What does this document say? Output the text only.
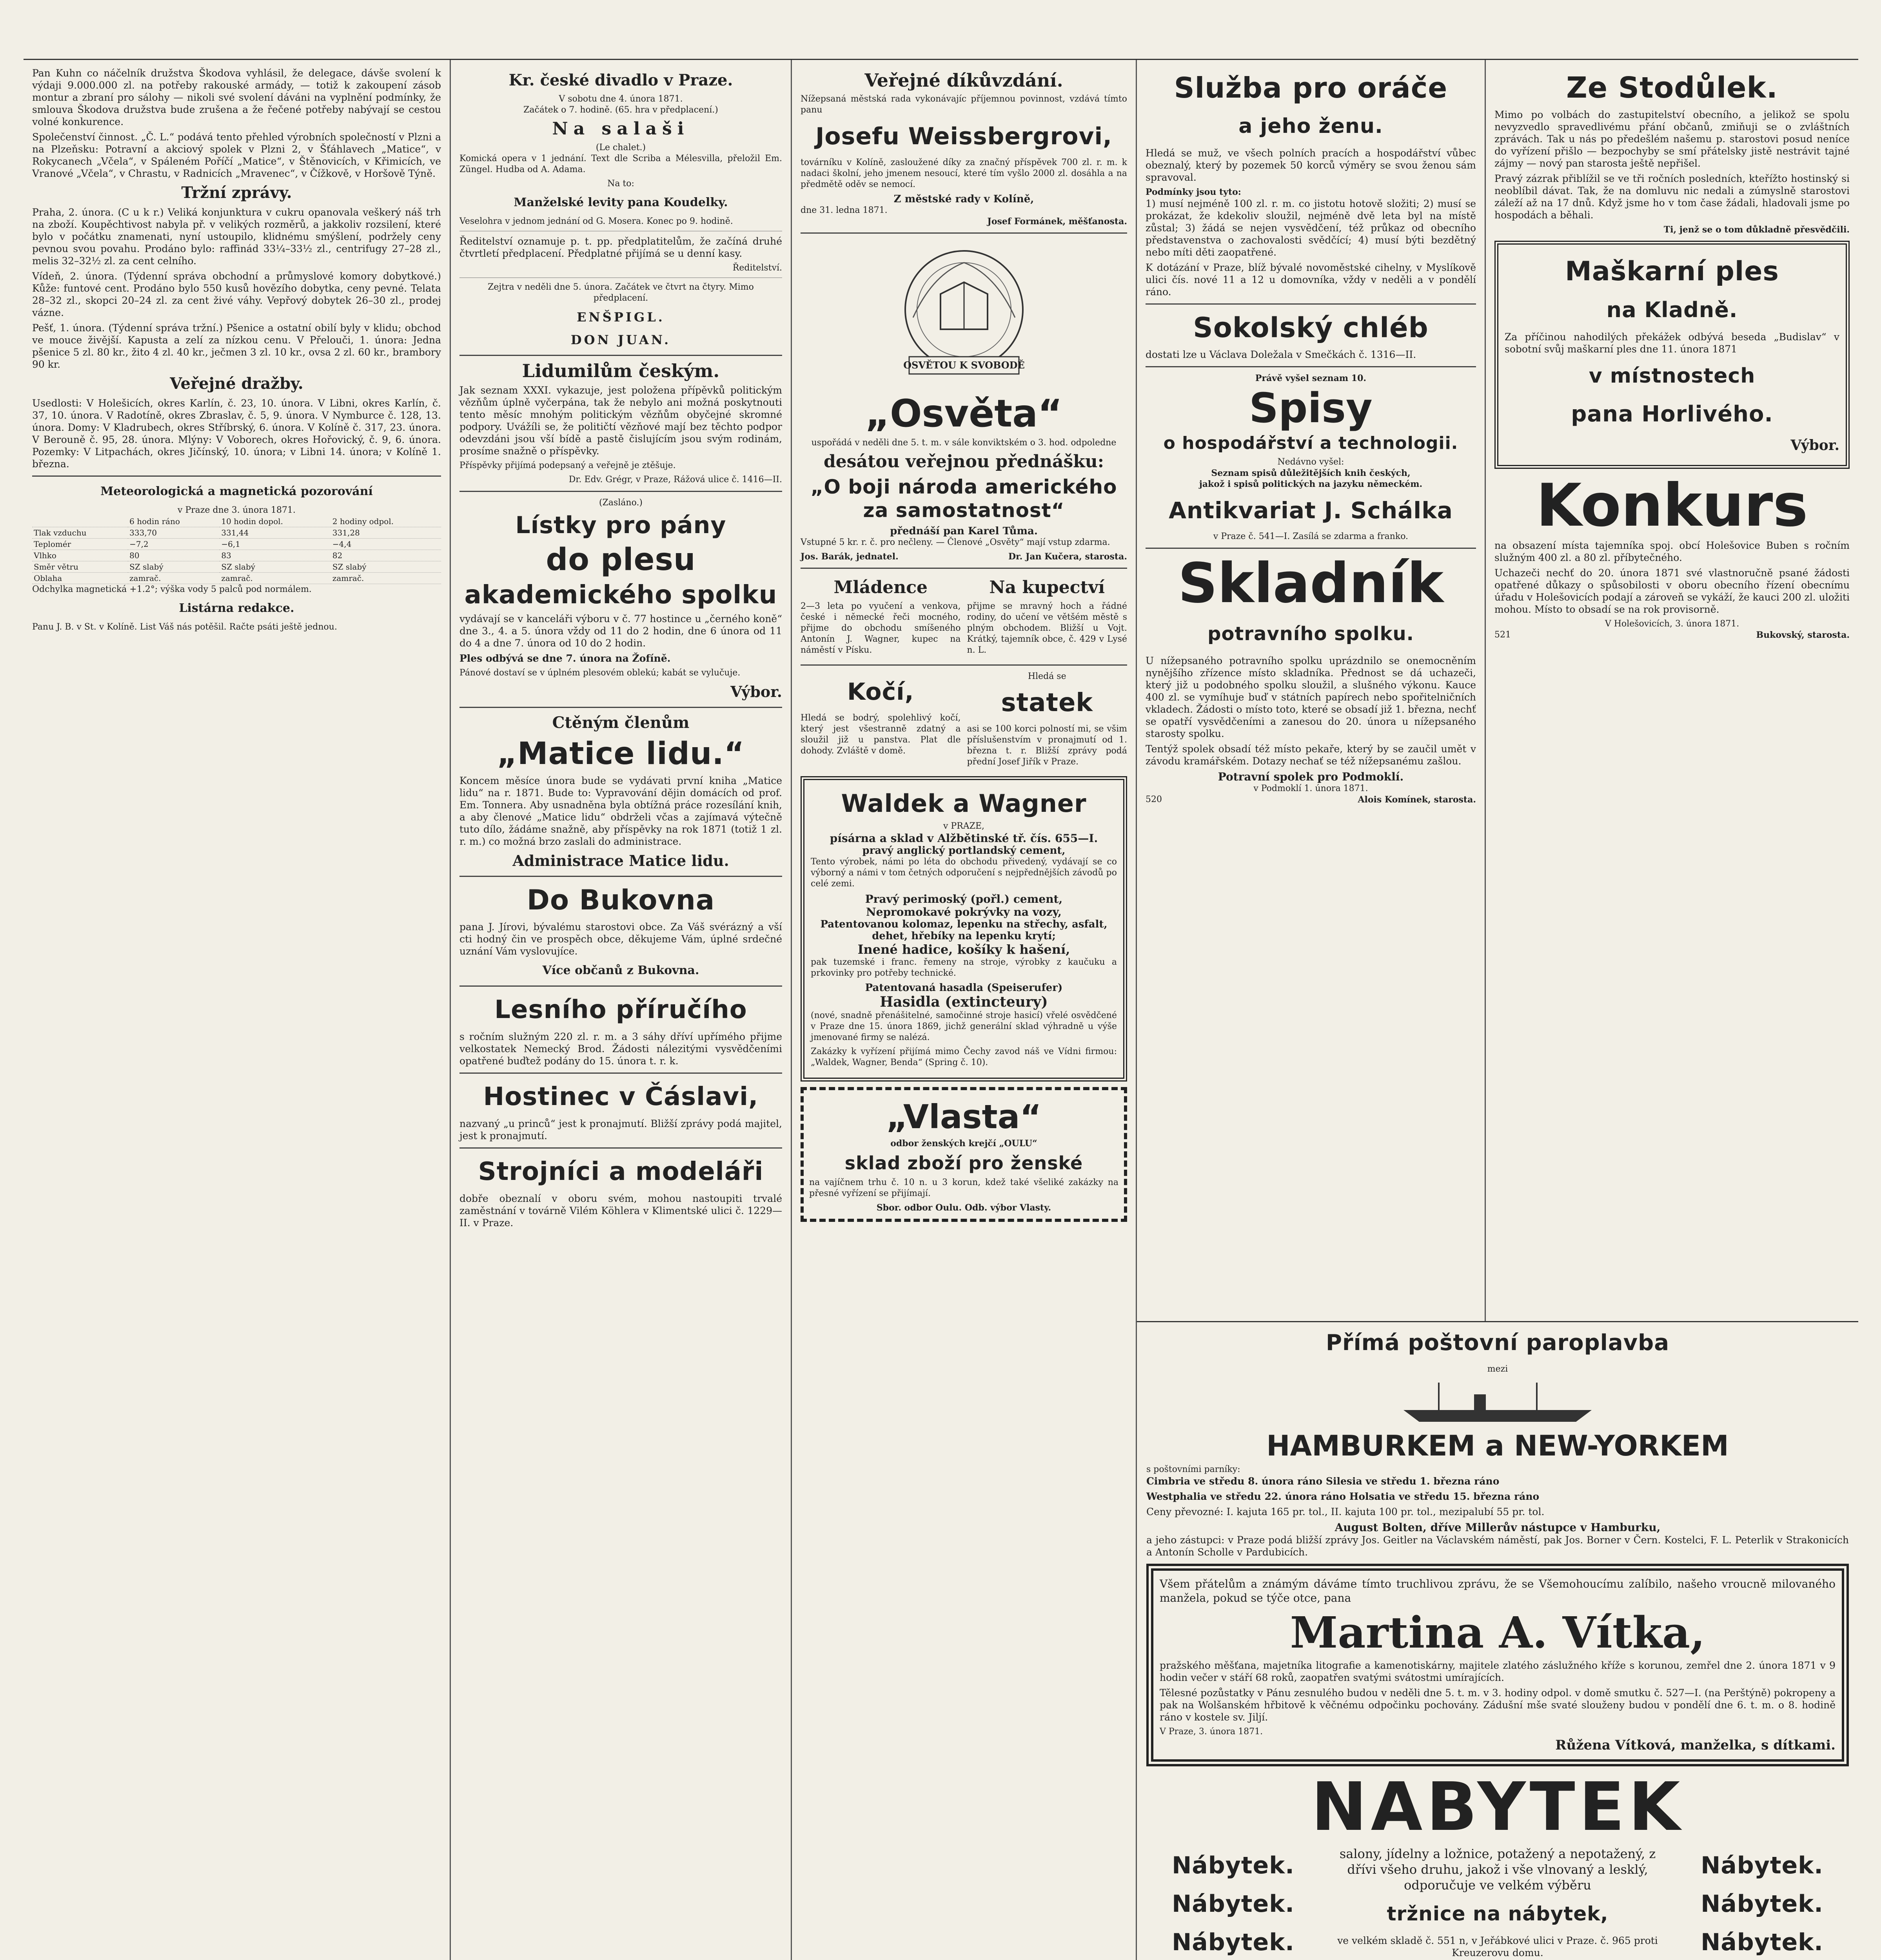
Pan Kuhn co náčelník družstva Škodova vyhlásil, že delegace, dávše svolení k výdaji 9.000.000 zl. na potřeby rakouské armády, — totiž k zakoupení zásob montur a zbraní pro sálohy — nikoli své svolení dáváni na vyplnění podmínky, že smlouva Škodova družstva bude zrušena a že řečené potřeby nabývají se cestou volné konkurence.

Společenství činnost. „Č. L.“ podává tento přehled výrobních společností v Plzni a na Plzeňsku: Potravní a akciový spolek v Plzni 2, v Šťáhlavech „Matice“, v Rokycanech „Včela“, v Spáleném Poříčí „Matice“, v Štěnovicích, v Křimicích, ve Vranové „Včela“, v Chrastu, v Radnicích „Mravenec“, v Čížkově, v Horšově Týně.

Tržní zprávy.

Praha, 2. února. (C u k r.) Veliká konjunktura v cukru opanovala veškerý náš trh na zboží. Koupěchtivost nabyla př. v velikých rozměrů, a jakkoliv rozsilení, které bylo v počátku znamenati, nyní ustoupilo, klidnému smýšlení, podržely ceny pevnou svou povahu. Prodáno bylo: raffinád 33¼–33½ zl., centrifugy 27–28 zl., melis 32–32½ zl. za cent celního.

Vídeň, 2. února. (Týdenní správa obchodní a průmyslové komory dobytkové.) Kůže: funtové cent. Prodáno bylo 550 kusů hovězího dobytka, ceny pevné. Telata 28–32 zl., skopci 20–24 zl. za cent živé váhy. Vepřový dobytek 26–30 zl., prodej vázne.

Pešť, 1. února. (Týdenní správa tržní.) Pšenice a ostatní obilí byly v klidu; obchod ve mouce živější. Kapusta a zelí za nízkou cenu. V Přelouči, 1. února: Jedna pšenice 5 zl. 80 kr., žito 4 zl. 40 kr., ječmen 3 zl. 10 kr., ovsa 2 zl. 60 kr., brambory 90 kr.

Veřejné dražby.

Usedlosti: V Holešicích, okres Karlín, č. 23, 10. února. V Libni, okres Karlín, č. 37, 10. února. V Radotíně, okres Zbraslav, č. 5, 9. února. V Nymburce č. 128, 13. února. Domy: V Kladrubech, okres Stříbrský, 6. února. V Kolíně č. 317, 23. února. V Berouně č. 95, 28. února. Mlýny: V Voborech, okres Hořovický, č. 9, 6. února. Pozemky: V Litpachách, okres Jičínský, 10. února; v Libni 14. února; v Kolíně 1. března.

Meteorologická a magnetická pozorování
v Praze dne 3. února 1871.
	6 hodin ráno	10 hodin dopol.	2 hodiny odpol.
Tlak vzduchu	333,70	331,44	331,28
Teplomér	−7,2	−6,1	−4,4
Vlhko	80	83	82
Směr větru	SZ slabý	SZ slabý	SZ slabý
Oblaha	zamrač.	zamrač.	zamrač.

Odchylka magnetická +1.2°; výška vody 5 palců pod normálem.

Listárna redakce.

Panu J. B. v St. v Kolíně. List Váš nás potěšil. Račte psáti ještě jednou.

Kr. české divadlo v Praze.
V sobotu dne 4. února 1871.
Začátek o 7. hodině. (65. hra v předplacení.)
Na salaši
(Le chalet.)

Komická opera v 1 jednání. Text dle Scriba a Mélesvilla, přeložil Em. Züngel. Hudba od A. Adama.

Na to:
Manželské levity pana Koudelky.

Veselohra v jednom jednání od G. Mosera. Konec po 9. hodině.

Ředitelství oznamuje p. t. pp. předplatitelům, že začíná druhé čtvrtletí předplacení. Předplatné přijímá se u denní kasy.

Ředitelství.
Zejtra v neděli dne 5. února. Začátek ve čtvrt na čtyry. Mimo předplacení.
ENŠPIGL.
DON JUAN.
Lidumilům českým.

Jak seznam XXXI. vykazuje, jest položena přípěvků politickým vězňům úplně vyčerpána, tak že nebylo ani možná poskytnouti tento měsíc mnohým politickým vězňům obyčejné skromné podpory. Uvážíli se, že političtí vězňové mají bez těchto podpor odevzdáni jsou vší bídě a pastě čislujícím jsou svým rodinám, prosíme snažně o příspěvky.

Příspěvky přijímá podepsaný a veřejně je ztěšuje.

Dr. Edv. Grégr, v Praze, Rážová ulice č. 1416—II.
(Zasláno.)
Lístky pro pány
do plesu
akademického spolku

vydávají se v kanceláři výboru v č. 77 hostince u „černého koně“ dne 3., 4. a 5. února vždy od 11 do 2 hodin, dne 6 února od 11 do 4 a dne 7. února od 10 do 2 hodin.

Ples odbývá se dne 7. února na Žofíně.

Pánové dostaví se v úplném plesovém oblekú; kabát se vylučuje.

Výbor.
Ctěným členům
„Matice lidu.“

Koncem měsíce února bude se vydávati první kniha „Matice lidu“ na r. 1871. Bude to: Vypravování dějin domácích od prof. Em. Tonnera. Aby usnadněna byla obtížná práce rozesílání knih, a aby členové „Matice lidu“ obdrželi včas a zajímavá výtečně tuto dílo, žádáme snažně, aby příspěvky na rok 1871 (totiž 1 zl. r. m.) co možná brzo zaslali do administrace.

Administrace Matice lidu.
Do Bukovna

pana J. Jírovi, bývalému starostovi obce. Za Váš svérázný a vší cti hodný čin ve prospěch obce, děkujeme Vám, úplné srdečné uznání Vám vyslovujíce.

Více občanů z Bukovna.
Lesního příručího

s ročním služným 220 zl. r. m. a 3 sáhy dříví upřímého přijme velkostatek Nemecký Brod. Žádosti nálezitými vysvědčeními opatřené buďtež podány do 15. února t. r. k.

Hostinec v Čáslavi,

nazvaný „u princů“ jest k pronajmutí. Bližší zprávy podá majitel, jest k pronajmutí.

Strojníci a modeláři

dobře obeznalí v oboru svém, mohou nastoupiti trvalé zaměstnání v továrně Vilém Köhlera v Klimentské ulici č. 1229—II. v Praze.

Veřejné díkůvzdání.

Nížepsaná městská rada vykonávajíc příjemnou povinnost, vzdává tímto panu

Josefu Weissbergrovi,

továrníku v Kolíně, zasloužené díky za značný příspěvek 700 zl. r. m. k nadaci školní, jeho jmenem nesoucí, které tím vyšlo 2000 zl. dosáhla a na předmětě oděv se nemocí.

Z městské rady v Kolíně,
dne 31. ledna 1871.
Josef Formánek, měšťanosta.
OSVĚTOU K SVOBODĚ
„Osvěta“

uspořádá v neděli dne 5. t. m. v sále konviktském o 3. hod. odpoledne

desátou veřejnou přednášku:
„O boji národa amerického za samostatnost“
přednáší pan Karel Tůma.

Vstupné 5 kr. r. č. pro nečleny. — Členové „Osvěty“ mají vstup zdarma.

Jos. Barák, jednatel.	Dr. Jan Kučera, starosta.
Mládence

2—3 leta po vyučení a venkova, české i německé řeči mocného, přijme do obchodu smíšeného Antonín J. Wagner, kupec na náměstí v Písku.

Na kupectví

přijme se mravný hoch a řádné rodiny, do učení ve většém městě s plným obchodem. Bližší u Vojt. Krátký, tajemník obce, č. 429 v Lysé n. L.

Kočí,

Hledá se bodrý, spolehlivý kočí, který jest všestranně zdatný a sloužil již u panstva. Plat dle dohody. Zvláště v domě.

Hledá se
statek

asi se 100 korci polností mi, se všim příslušenstvím v pronajmutí od 1. března t. r. Bližší zprávy podá přední Josef Jiřík v Praze.

Waldek a Wagner
v PRAZE,
písárna a sklad v Alžbětinské tř. čís. 655—I.
pravý anglický portlandský cement,

Tento výrobek, námi po léta do obchodu přivedený, vydávají se co výborný a námi v tom četných odporučení s nejpřednějších závodů po celé zemi.

Pravý perimoský (pořl.) cement,
Nepromokavé pokrývky na vozy,
Patentovanou kolomaz, lepenku na střechy, asfalt, dehet, hřebíky na lepenku krytí;
Inené hadice, košíky k hašení,

pak tuzemské i franc. řemeny na stroje, výrobky z kaučuku a prkovinky pro potřeby technické.

Patentovaná hasadla (Speiserufer)
Hasidla (extincteury)

(nové, snadně přenášitelné, samočinné stroje hasicí) vřelé osvědčené v Praze dne 15. února 1869, jichž generální sklad výhradně u výše jmenované firmy se nalézá.

Zakázky k vyřízení přijímá mimo Čechy zavod náš ve Vídni firmou: „Waldek, Wagner, Benda“ (Spring č. 10).

„Vlasta“
odbor ženských krejčí „OULU“
sklad zboží pro ženské

na vajíčnem trhu č. 10 n. u 3 korun, kdež také všeliké zakázky na přesné vyřízení se přijímají.

Sbor. odbor Oulu. Odb. výbor Vlasty.
Služba pro oráče
a jeho ženu.

Hledá se muž, ve všech polních pracích a hospodářství vůbec obeznalý, který by pozemek 50 korců výměry se svou ženou sám spravoval.

Podmínky jsou tyto:

1) musí nejméně 100 zl. r. m. co jistotu hotově složiti; 2) musí se prokázat, že kdekoliv sloužil, nejméně dvě leta byl na místě zůstal; 3) žádá se nejen vysvědčení, též průkaz od obecního představenstva o zachovalosti svědčící; 4) musí býti bezdětný nebo míti děti zaopatřené.

K dotázání v Praze, blíž bývalé novoměstské cihelny, v Myslíkově ulici čís. nové 11 a 12 u domovníka, vždy v neděli a v pondělí ráno.

Sokolský chléb

dostati lze u Václava Doležala v Smečkách č. 1316—II.

Právě vyšel seznam 10.
Spisy
o hospodářství a technologii.
Nedávno vyšel:
Seznam spisů důležitějších knih českých,
jakož i spisů politických na jazyku německém.
Antikvariat J. Schálka
v Praze č. 541—I. Zasílá se zdarma a franko.
Skladník
potravního spolku.

U nížepsaného potravního spolku uprázdnilo se onemocněním nynějšího zřízence místo skladníka. Přednost se dá uchazeči, který již u podobného spolku sloužil, a slušného výkonu. Kauce 400 zl. se vymíhuje buď v státních papírech nebo spořitelničních vkladech. Žádosti o místo toto, které se obsadí již 1. března, nechť se opatří vysvědčeními a zanesou do 20. února u nížepsaného starosty spolku.

Tentýž spolek obsadí též místo pekaře, který by se zaučil umět v závodu kramářském. Dotazy nechať se též nížepsanému zašlou.

Potravní spolek pro Podmoklí.
v Podmoklí 1. února 1871.
520	Alois Komínek, starosta.
Ze Stodůlek.

Mimo po volbách do zastupitelství obecního, a jelikož se spolu nevyzvedlo spravedlivému přání občanů, zmiňuji se o zvláštních zprávách. Tak u nás po předešlém našemu p. starostovi posud neníce do vyřízení přišlo — bezpochyby se smí přátelsky jistě nestrávit tajné zájmy — nový pan starosta ještě nepřišel.

Pravý zázrak přiblížil se ve tři ročních posledních, kteřížto hostinský si neoblíbil dávat. Tak, že na domluvu nic nedali a zúmyslně starostovi záleží až na 17 dnů. Když jsme ho v tom čase žádali, hladovali jsme po hospodách a běhali.

Ti, jenž se o tom důkladně přesvědčili.
Maškarní ples
na Kladně.

Za příčinou nahodilých překážek odbývá beseda „Budislav“ v sobotní svůj maškarní ples dne 11. února 1871

v místnostech
pana Horlivého.
Výbor.
Konkurs

na obsazení místa tajemníka spoj. obcí Holešovice Buben s ročním služným 400 zl. a 80 zl. příbytečného.

Uchazeči nechť do 20. února 1871 své vlastnoručně psané žádosti opatřené důkazy o spůsobilosti v oboru obecního řízení obecnímu úřadu v Holešovicích podají a zároveň se vykáží, že kauci 200 zl. uložiti mohou. Místo to obsadí se na rok provisorně.

V Holešovicích, 3. února 1871.
521	Bukovský, starosta.
Přímá poštovní paroplavba
mezi
HAMBURKEM a NEW-YORKEM
s poštovními parníky:
Cimbria ve středu 8. února ráno Silesia ve středu 1. března ráno
Westphalia ve středu 22. února ráno Holsatia ve středu 15. března ráno

Ceny převozné: I. kajuta 165 pr. tol., II. kajuta 100 pr. tol., mezipalubí 55 pr. tol.

August Bolten, dříve Millerův nástupce v Hamburku,

a jeho zástupci: v Praze podá bližší zprávy Jos. Geitler na Václavském náměstí, pak Jos. Borner v Čern. Kostelci, F. L. Peterlik v Strakonicích a Antonín Scholle v Pardubicích.

Všem přátelům a známým dáváme tímto truchlivou zprávu, že se Všemohoucímu zalíbilo, našeho vroucně milovaného manžela, pokud se týče otce, pana

Martina A. Vítka,

pražského měšťana, majetníka litografie a kamenotiskárny, majitele zlatého záslužného kříže s korunou, zemřel dne 2. února 1871 v 9 hodin večer v stáří 68 roků, zaopatřen svatými svátostmi umírajících.

Tělesné pozůstatky v Pánu zesnulého budou v neděli dne 5. t. m. v 3. hodiny odpol. v domě smutku č. 527—I. (na Perštýně) pokropeny a pak na Wolšanském hřbitově k věčnému odpočinku pochovány. Zádušní mše svaté slouženy budou v pondělí dne 6. t. m. o 8. hodině ráno v kostele sv. Jiljí.

V Praze, 3. února 1871.
Růžena Vítková, manželka, s dítkami.
NABYTEK
Nábytek.
Nábytek.
Nábytek.

salony, jídelny a ložnice, potažený a nepotažený, z dřívi všeho druhu, jakož i vše vlnovaný a lesklý, odporučuje ve velkém výběru

tržnice na nábytek,

ve velkém skladě č. 551 n, v Jeřábkové ulici v Praze. č. 965 proti Kreuzerovu domu.

Nábytek.
Nábytek.
Nábytek.
